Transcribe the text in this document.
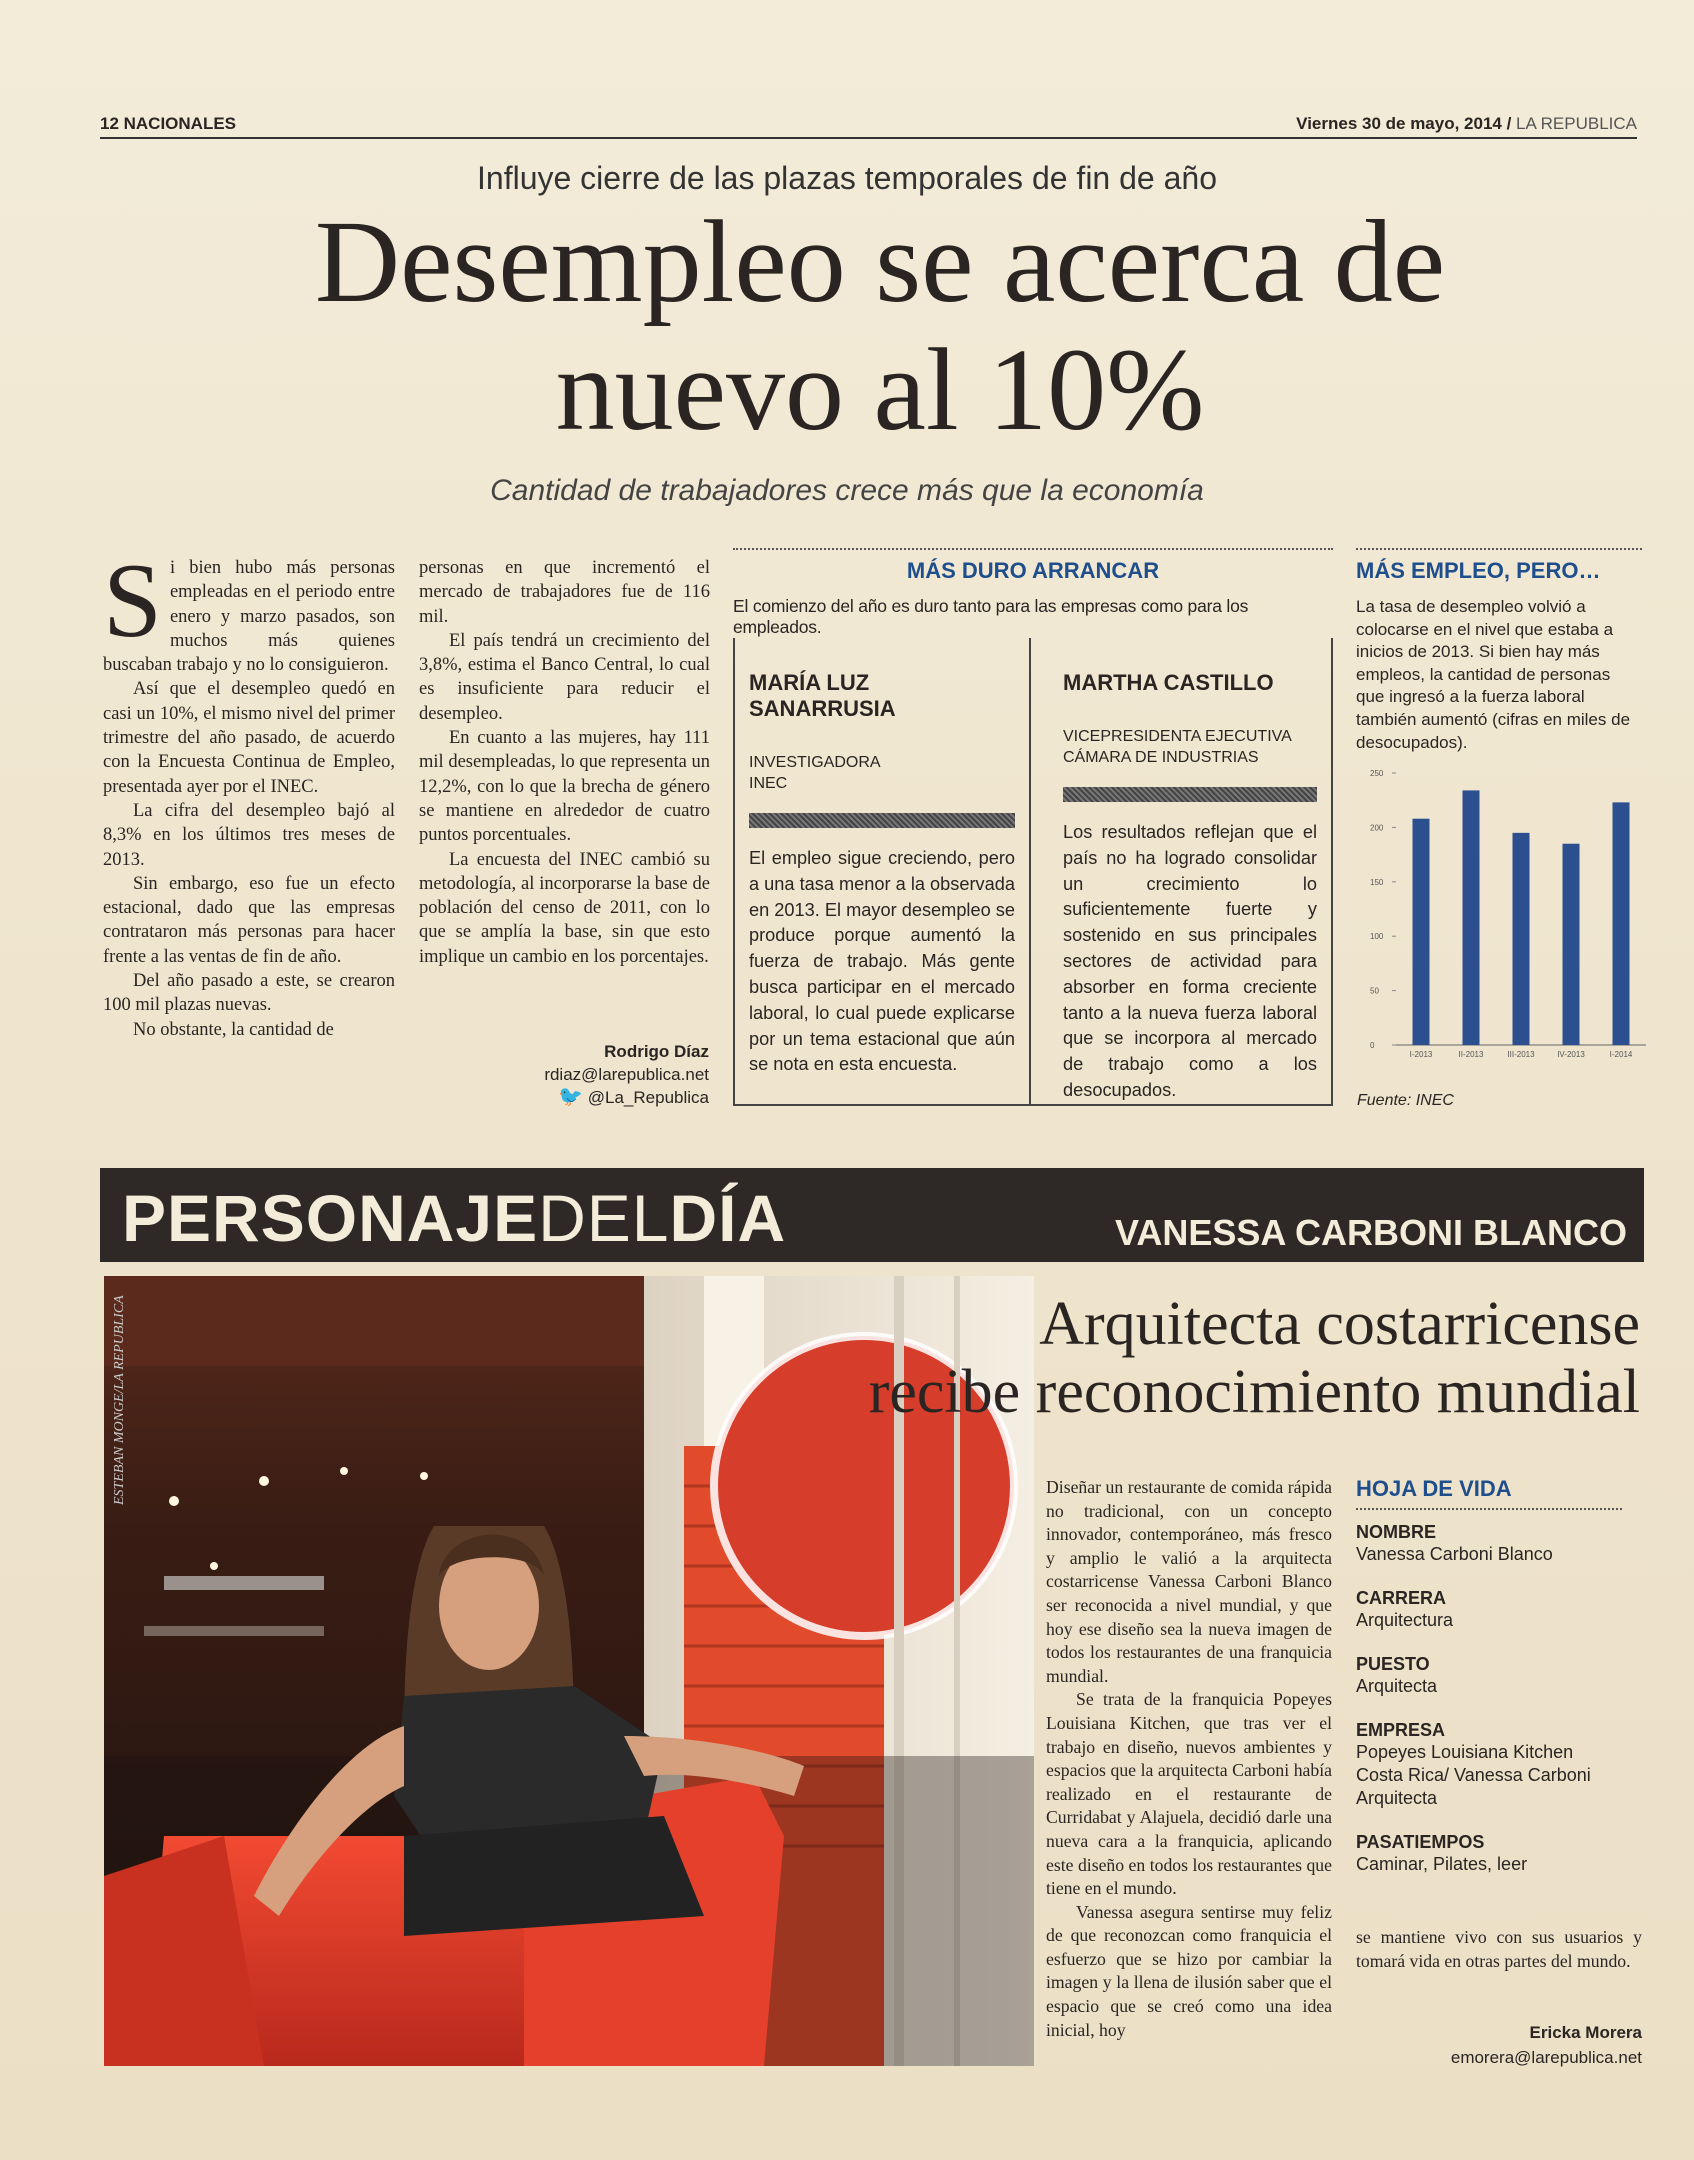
12 NACIONALES	Viernes 30 de mayo, 2014 / LA REPUBLICA
Influye cierre de las plazas temporales de fin de año
Desempleo se acerca de
nuevo al 10%
Cantidad de trabajadores crece más que la economía

Si bien hubo más personas empleadas en el periodo entre enero y marzo pasados, son muchos más quienes buscaban trabajo y no lo consiguieron.

Así que el desempleo quedó en casi un 10%, el mismo nivel del primer trimestre del año pasado, de acuerdo con la Encuesta Continua de Empleo, presentada ayer por el INEC.

La cifra del desempleo bajó al 8,3% en los últimos tres meses de 2013.

Sin embargo, eso fue un efecto estacional, dado que las empresas contrataron más personas para hacer frente a las ventas de fin de año.

Del año pasado a este, se crearon 100 mil plazas nuevas.

No obstante, la cantidad de

personas en que incrementó el mercado de trabajadores fue de 116 mil.

El país tendrá un crecimiento del 3,8%, estima el Banco Central, lo cual es insuficiente para reducir el desempleo.

En cuanto a las mujeres, hay 111 mil desempleadas, lo que representa un 12,2%, con lo que la brecha de género se mantiene en alrededor de cuatro puntos porcentuales.

La encuesta del INEC cambió su metodología, al incorporarse la base de población del censo de 2011, con lo que se amplía la base, sin que esto implique un cambio en los porcentajes.

Rodrigo Díaz
rdiaz@larepublica.net
🐦 @La_Republica
MÁS DURO ARRANCAR
El comienzo del año es duro tanto para las empresas como para los empleados.
MARÍA LUZ SANARRUSIA
INVESTIGADORA
INEC
El empleo sigue creciendo, pero a una tasa menor a la observada en 2013. El mayor desempleo se produce porque aumentó la fuerza de trabajo. Más gente busca participar en el mercado laboral, lo cual puede explicarse por un tema estacional que aún se nota en esta encuesta.
MARTHA CASTILLO
VICEPRESIDENTA EJECUTIVA
CÁMARA DE INDUSTRIAS
Los resultados reflejan que el país no ha logrado consolidar un crecimiento lo suficientemente fuerte y sostenido en sus principales sectores de actividad para absorber en forma creciente tanto a la nueva fuerza laboral que se incorpora al mercado de trabajo como a los desocupados.
MÁS EMPLEO, PERO…
La tasa de desempleo volvió a colocarse en el nivel que estaba a inicios de 2013. Si bien hay más empleos, la cantidad de personas que ingresó a la fuerza laboral también aumentó (cifras en miles de desocupados).
0
50
100
150
200
250
I-2013	II-2013	III-2013	IV-2013	I-2014
Fuente: INEC
PERSONAJEDELDÍA	VANESSA CARBONI BLANCO
ESTEBAN MONGE/LA REPUBLICA	Arquitecta costarricense
recibe reconocimiento mundial

Diseñar un restaurante de comida rápida no tradicional, con un concepto innovador, contemporáneo, más fresco y amplio le valió a la arquitecta costarricense Vanessa Carboni Blanco ser reconocida a nivel mundial, y que hoy ese diseño sea la nueva imagen de todos los restaurantes de una franquicia mundial.

Se trata de la franquicia Popeyes Louisiana Kitchen, que tras ver el trabajo en diseño, nuevos ambientes y espacios que la arquitecta Carboni había realizado en el restaurante de Curridabat y Alajuela, decidió darle una nueva cara a la franquicia, aplicando este diseño en todos los restaurantes que tiene en el mundo.

Vanessa asegura sentirse muy feliz de que reconozcan como franquicia el esfuerzo que se hizo por cambiar la imagen y la llena de ilusión saber que el espacio que se creó como una idea inicial, hoy

HOJA DE VIDA
NOMBRE
Vanessa Carboni Blanco
CARRERA
Arquitectura
PUESTO
Arquitecta
EMPRESA
Popeyes Louisiana Kitchen Costa Rica/ Vanessa Carboni Arquitecta
PASATIEMPOS
Caminar, Pilates, leer

se mantiene vivo con sus usuarios y tomará vida en otras partes del mundo.

Ericka Morera
emorera@larepublica.net
